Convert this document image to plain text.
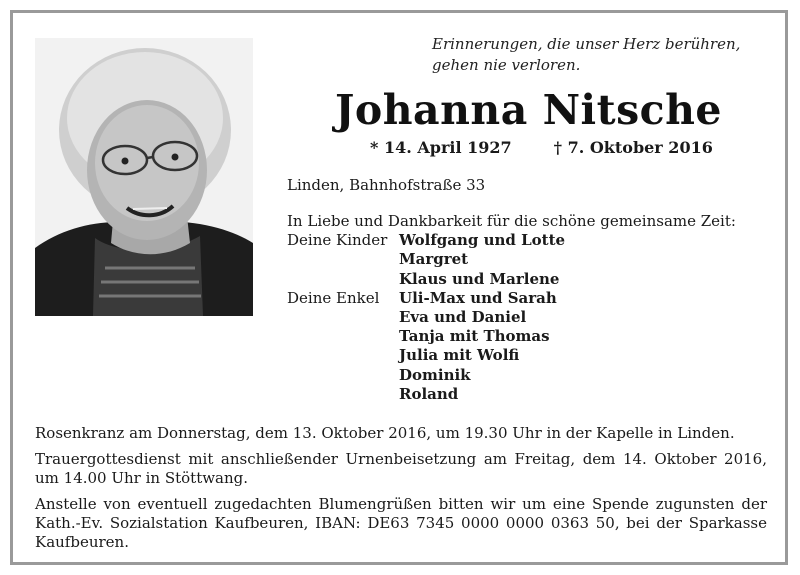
Erinnerungen, die unser Herz berühren,
gehen nie verloren.
Johanna Nitsche
* 14. April 1927	† 7. Oktober 2016
Linden, Bahnhofstraße 33
In Liebe und Dankbarkeit für die schöne gemeinsame Zeit:
Deine Kinder Wolfgang und Lotte
Margret
Klaus und Marlene
Deine Enkel	Uli-Max und Sarah
Eva und Daniel
Tanja mit Thomas
Julia mit Wolfi
Dominik
Roland

Rosenkranz am Donnerstag, dem 13. Oktober 2016, um 19.30 Uhr in der Kapelle in Linden.

Trauergottesdienst mit anschließender Urnenbeisetzung am Freitag, dem 14. Oktober 2016, um 14.00 Uhr in Stöttwang.

Anstelle von eventuell zugedachten Blumengrüßen bitten wir um eine Spende zugunsten der Kath.-Ev. Sozialstation Kaufbeuren, IBAN: DE63 7345 0000 0000 0363 50, bei der Sparkasse Kaufbeuren.
